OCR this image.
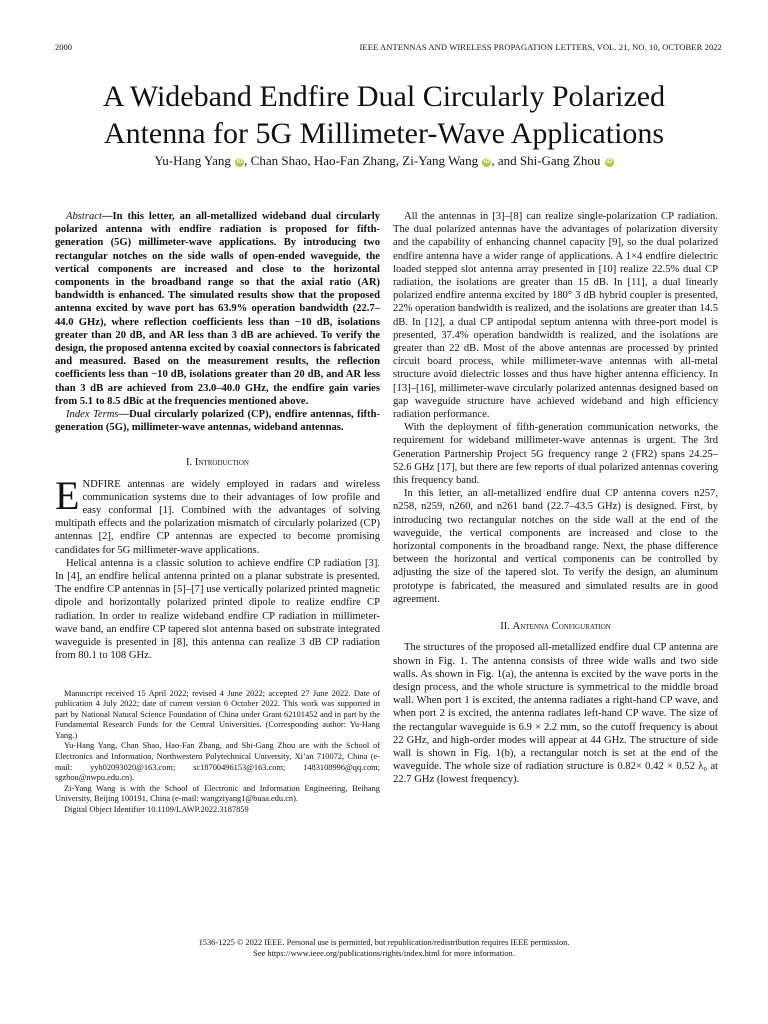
2000	IEEE ANTENNAS AND WIRELESS PROPAGATION LETTERS, VOL. 21, NO. 10, OCTOBER 2022
A Wideband Endfire Dual Circularly Polarized
Antenna for 5G Millimeter-Wave Applications
Yu-Hang Yang iD , Chan Shao, Hao-Fan Zhang, Zi-Yang Wang iD , and Shi-Gang Zhou iD

Abstract—In this letter, an all-metallized wideband dual circularly polarized antenna with endfire radiation is proposed for fifth-generation (5G) millimeter-wave applications. By introducing two rectangular notches on the side walls of open-ended waveguide, the vertical components are increased and close to the horizontal components in the broadband range so that the axial ratio (AR) bandwidth is enhanced. The simulated results show that the proposed antenna excited by wave port has 63.9% operation bandwidth (22.7–44.0 GHz), where reflection coefficients less than −10 dB, isolations greater than 20 dB, and AR less than 3 dB are achieved. To verify the design, the proposed antenna excited by coaxial connectors is fabricated and measured. Based on the measurement results, the reflection coefficients less than −10 dB, isolations greater than 20 dB, and AR less than 3 dB are achieved from 23.0–40.0 GHz, the endfire gain varies from 5.1 to 8.5 dBic at the frequencies mentioned above.

Index Terms—Dual circularly polarized (CP), endfire antennas, fifth-generation (5G), millimeter-wave antennas, wideband antennas.

I. Introduction

ENDFIRE antennas are widely employed in radars and wireless communication systems due to their advantages of low profile and easy conformal [1]. Combined with the advantages of solving multipath effects and the polarization mismatch of circularly polarized (CP) antennas [2], endfire CP antennas are expected to become promising candidates for 5G millimeter-wave applications.

Helical antenna is a classic solution to achieve endfire CP radiation [3]. In [4], an endfire helical antenna printed on a planar substrate is presented. The endfire CP antennas in [5]–[7] use vertically polarized printed magnetic dipole and horizontally polarized printed dipole to realize endfire CP radiation. In order to realize wideband endfire CP radiation in millimeter-wave band, an endfire CP tapered slot antenna based on substrate integrated waveguide is presented in [8], this antenna can realize 3 dB CP radiation from 80.1 to 108 GHz.

Manuscript received 15 April 2022; revised 4 June 2022; accepted 27 June 2022. Date of publication 4 July 2022; date of current version 6 October 2022. This work was supported in part by National Natural Science Foundation of China under Grant 62101452 and in part by the Fundamental Research Funds for the Central Universities. (Corresponding author: Yu-Hang Yang.)

Yu-Hang Yang, Chan Shao, Hao-Fan Zhang, and Shi-Gang Zhou are with the School of Electronics and Information, Northwestern Polytechnical University, Xi’an 710072, China (e-mail: yyh02093020@163.com; sc18700496153@163.com; 1483108996@qq.com; sgzhou@nwpu.edu.cn).

Zi-Yang Wang is with the School of Electronic and Information Engineering, Beihang University, Beijing 100191, China (e-mail: wangziyang1@buaa.edu.cn).

Digital Object Identifier 10.1109/LAWP.2022.3187859

All the antennas in [3]–[8] can realize single-polarization CP radiation. The dual polarized antennas have the advantages of polarization diversity and the capability of enhancing channel capacity [9], so the dual polarized endfire antenna have a wider range of applications. A 1×4 endfire dielectric loaded stepped slot antenna array presented in [10] realize 22.5% dual CP radiation, the isolations are greater than 15 dB. In [11], a dual linearly polarized endfire antenna excited by 180° 3 dB hybrid coupler is presented, 22% operation bandwidth is realized, and the isolations are greater than 14.5 dB. In [12], a dual CP antipodal septum antenna with three-port model is presented, 37.4% operation bandwidth is realized, and the isolations are greater than 22 dB. Most of the above antennas are processed by printed circuit board process, while millimeter-wave antennas with all-metal structure avoid dielectric losses and thus have higher antenna efficiency. In [13]–[16], millimeter-wave circularly polarized antennas designed based on gap waveguide structure have achieved wideband and high efficiency radiation performance.

With the deployment of fifth-generation communication networks, the requirement for wideband millimeter-wave antennas is urgent. The 3rd Generation Partnership Project 5G frequency range 2 (FR2) spans 24.25–52.6 GHz [17], but there are few reports of dual polarized antennas covering this frequency band.

In this letter, an all-metallized endfire dual CP antenna covers n257, n258, n259, n260, and n261 band (22.7–43.5 GHz) is designed. First, by introducing two rectangular notches on the side wall at the end of the waveguide, the vertical components are increased and close to the horizontal components in the broadband range. Next, the phase difference between the horizontal and vertical components can be controlled by adjusting the size of the tapered slot. To verify the design, an aluminum prototype is fabricated, the measured and simulated results are in good agreement.

II. Antenna Configuration

The structures of the proposed all-metallized endfire dual CP antenna are shown in Fig. 1. The antenna consists of three wide walls and two side walls. As shown in Fig. 1(a), the antenna is excited by the wave ports in the design process, and the whole structure is symmetrical to the middle broad wall. When port 1 is excited, the antenna radiates a right-hand CP wave, and when port 2 is excited, the antenna radiates left-hand CP wave. The size of the rectangular waveguide is 6.9 × 2.2 mm, so the cutoff frequency is about 22 GHz, and high-order modes will appear at 44 GHz. The structure of side wall is shown in Fig. 1(b), a rectangular notch is set at the end of the waveguide. The whole size of radiation structure is 0.82× 0.42 × 0.52 λ₀ at 22.7 GHz (lowest frequency).

1536-1225 © 2022 IEEE. Personal use is permitted, but republication/redistribution requires IEEE permission.
See https://www.ieee.org/publications/rights/index.html for more information.
